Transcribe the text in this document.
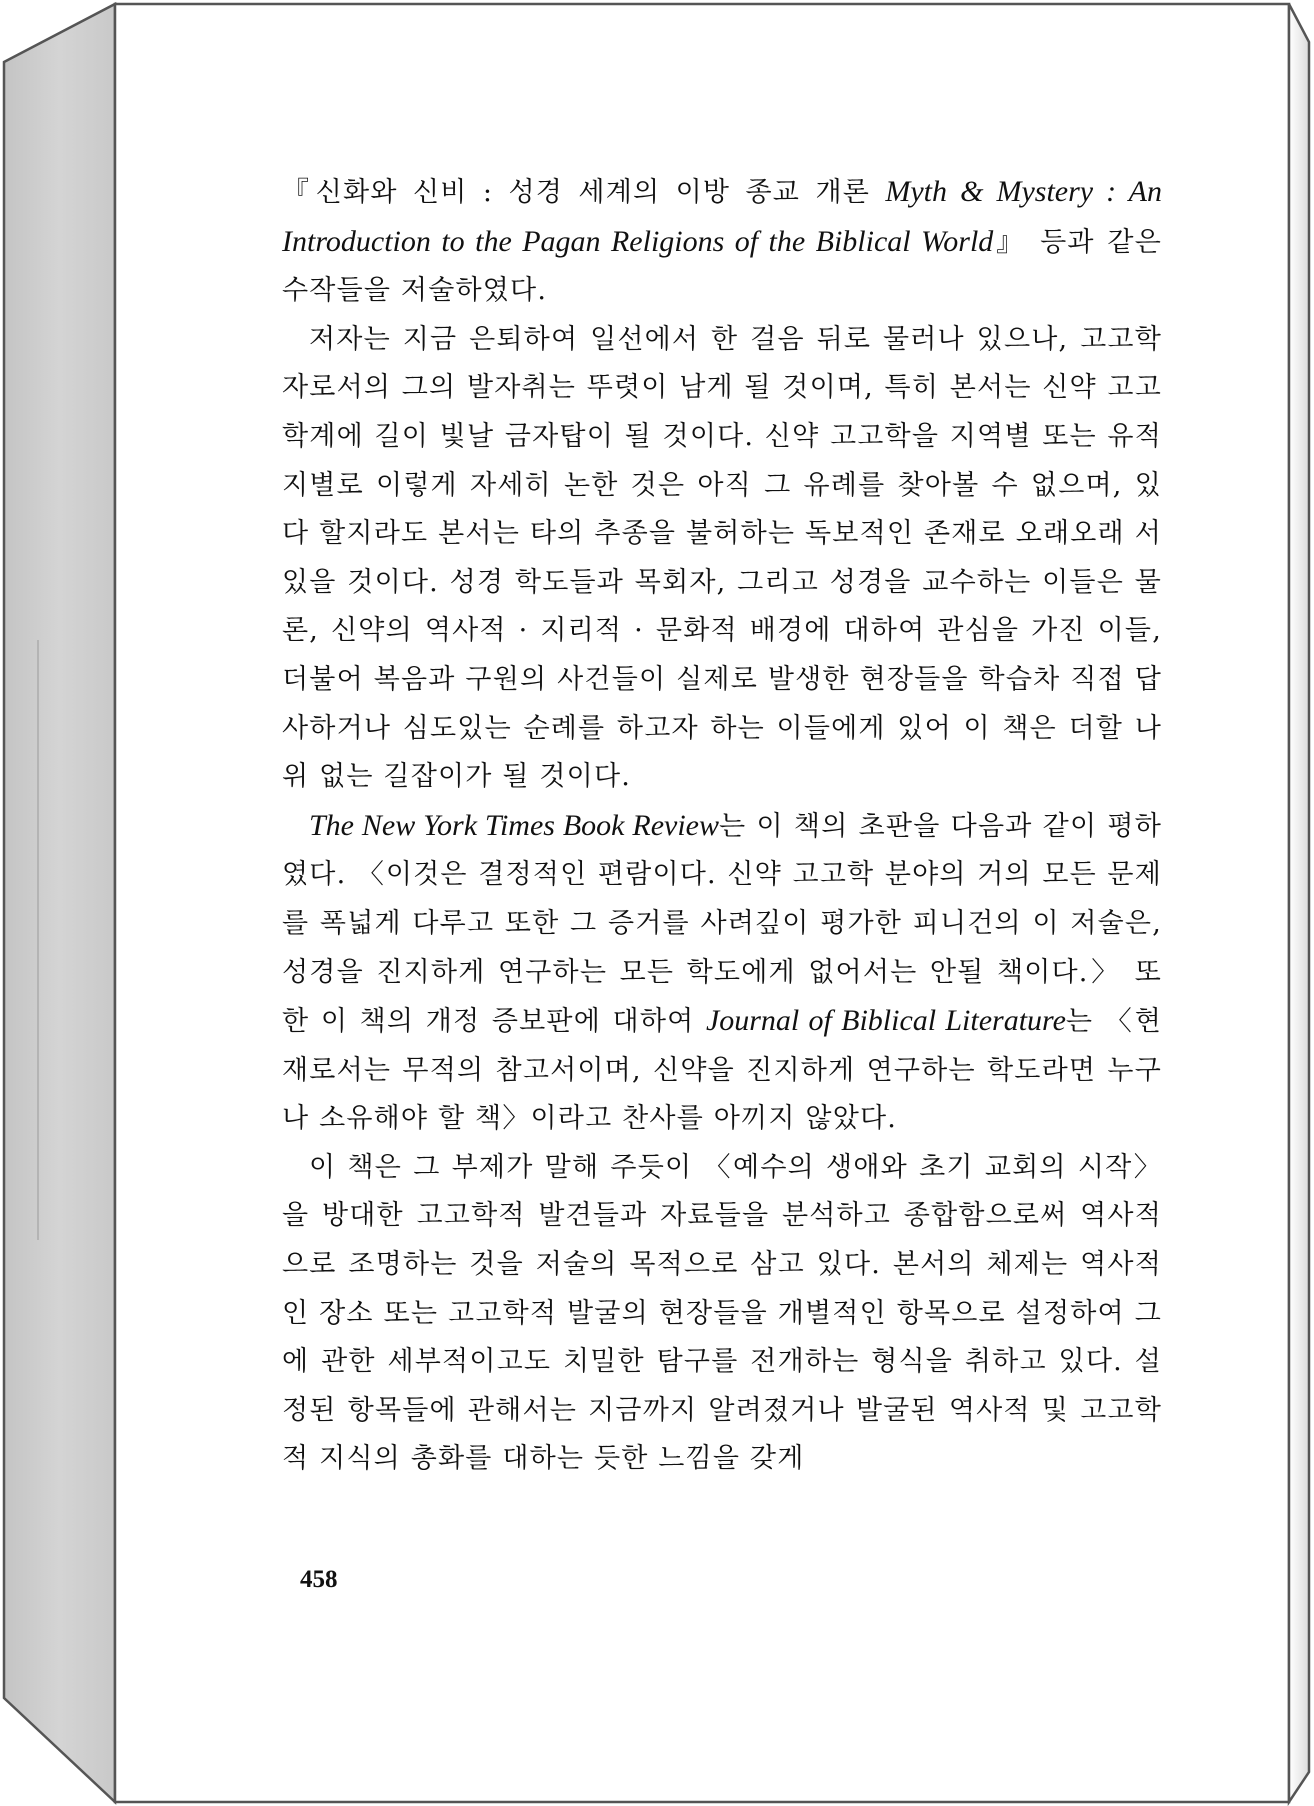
『신화와 신비 : 성경 세계의 이방 종교 개론 Myth & Mystery : An Introduction to the Pagan Religions of the Biblical World』 등과 같은 수작들을 저술하였다.

저자는 지금 은퇴하여 일선에서 한 걸음 뒤로 물러나 있으나, 고고학자로서의 그의 발자취는 뚜렷이 남게 될 것이며, 특히 본서는 신약 고고학계에 길이 빛날 금자탑이 될 것이다. 신약 고고학을 지역별 또는 유적지별로 이렇게 자세히 논한 것은 아직 그 유례를 찾아볼 수 없으며, 있다 할지라도 본서는 타의 추종을 불허하는 독보적인 존재로 오래오래 서 있을 것이다. 성경 학도들과 목회자, 그리고 성경을 교수하는 이들은 물론, 신약의 역사적 · 지리적 · 문화적 배경에 대하여 관심을 가진 이들, 더불어 복음과 구원의 사건들이 실제로 발생한 현장들을 학습차 직접 답사하거나 심도있는 순례를 하고자 하는 이들에게 있어 이 책은 더할 나위 없는 길잡이가 될 것이다.

The New York Times Book Review는 이 책의 초판을 다음과 같이 평하였다. 〈이것은 결정적인 편람이다. 신약 고고학 분야의 거의 모든 문제를 폭넓게 다루고 또한 그 증거를 사려깊이 평가한 피니건의 이 저술은, 성경을 진지하게 연구하는 모든 학도에게 없어서는 안될 책이다.〉 또한 이 책의 개정 증보판에 대하여 Journal of Biblical Literature는 〈현재로서는 무적의 참고서이며, 신약을 진지하게 연구하는 학도라면 누구나 소유해야 할 책〉이라고 찬사를 아끼지 않았다.

이 책은 그 부제가 말해 주듯이 〈예수의 생애와 초기 교회의 시작〉을 방대한 고고학적 발견들과 자료들을 분석하고 종합함으로써 역사적으로 조명하는 것을 저술의 목적으로 삼고 있다. 본서의 체제는 역사적인 장소 또는 고고학적 발굴의 현장들을 개별적인 항목으로 설정하여 그에 관한 세부적이고도 치밀한 탐구를 전개하는 형식을 취하고 있다. 설정된 항목들에 관해서는 지금까지 알려졌거나 발굴된 역사적 및 고고학적 지식의 총화를 대하는 듯한 느낌을 갖게

458
